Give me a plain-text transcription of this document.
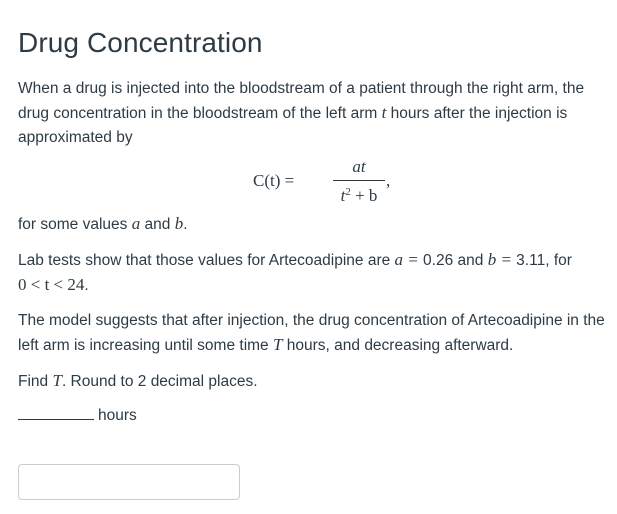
Drug Concentration

When a drug is injected into the bloodstream of a patient through the right arm, the drug concentration in the bloodstream of the left arm t hours after the injection is approximated by

C(t) =
at
$t^2 + b$
,

for some values a and b.

Lab tests show that those values for Artecoadipine are a = 0.26 and b = 3.11, for
0 < t < 24.

The model suggests that after injection, the drug concentration of Artecoadipine in the left arm is increasing until some time T hours, and decreasing afterward.

Find T. Round to 2 decimal places.

hours
